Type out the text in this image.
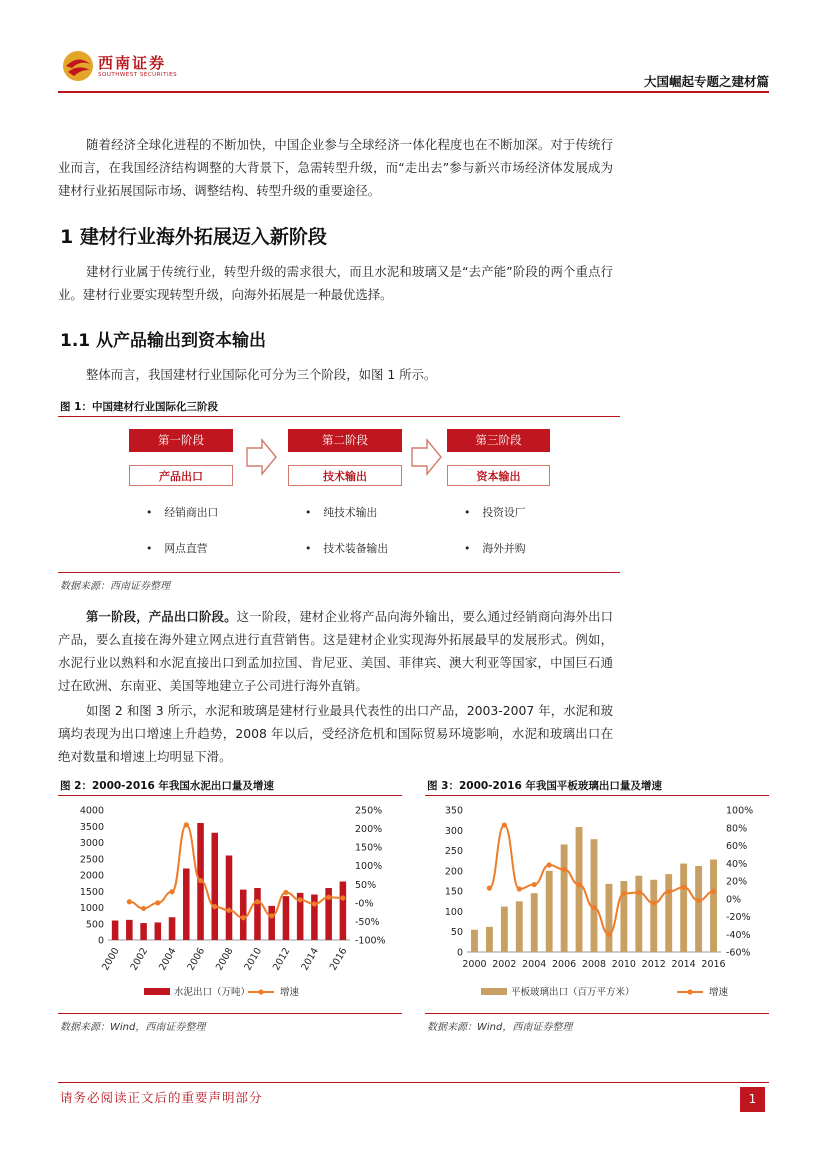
西南证券
SOUTHWEST SECURITIES	大国崛起专题之建材篇

随着经济全球化进程的不断加快，中国企业参与全球经济一体化程度也在不断加深。对于传统行业而言，在我国经济结构调整的大背景下，急需转型升级，而“走出去”参与新兴市场经济体发展成为建材行业拓展国际市场、调整结构、转型升级的重要途径。

1 建材行业海外拓展迈入新阶段

建材行业属于传统行业，转型升级的需求很大，而且水泥和玻璃又是“去产能”阶段的两个重点行业。建材行业要实现转型升级，向海外拓展是一种最优选择。

1.1 从产品输出到资本输出

整体而言，我国建材行业国际化可分为三个阶段，如图 1 所示。

图 1：中国建材行业国际化三阶段
第一阶段
产品出口
第二阶段
技术输出
第三阶段
资本输出
• 经销商出口
• 网点直营
• 纯技术输出
• 技术装备输出
• 投资设厂
• 海外并购
数据来源：西南证券整理

第一阶段，产品出口阶段。这一阶段，建材企业将产品向海外输出，要么通过经销商向海外出口产品，要么直接在海外建立网点进行直营销售。这是建材企业实现海外拓展最早的发展形式。例如，水泥行业以熟料和水泥直接出口到孟加拉国、肯尼亚、美国、菲律宾、澳大利亚等国家，中国巨石通过在欧洲、东南亚、美国等地建立子公司进行海外直销。

如图 2 和图 3 所示，水泥和玻璃是建材行业最具代表性的出口产品，2003-2007 年，水泥和玻璃均表现为出口增速上升趋势，2008 年以后，受经济危机和国际贸易环境影响，水泥和玻璃出口在绝对数量和增速上均明显下滑。

图 2：2000-2016 年我国水泥出口量及增速
0
500
1000
1500
2000
2500
3000
3500
4000
-100%
-50%
-0%
50%
100%
150%
200%
250%
2000 2002 2004 2006 2008 2010 2012 2014 2016
水泥出口（万吨）	增速
数据来源：Wind，西南证券整理
图 3：2000-2016 年我国平板玻璃出口量及增速
0
50
100
150
200
250
300
350
-60%
-40%
-20%
0%
20%
40%
60%
80%
100%
2000 2002 2004 2006 2008 2010 2012 2014 2016
平板玻璃出口（百万平方米）	增速
数据来源：Wind，西南证券整理
请务必阅读正文后的重要声明部分	1
